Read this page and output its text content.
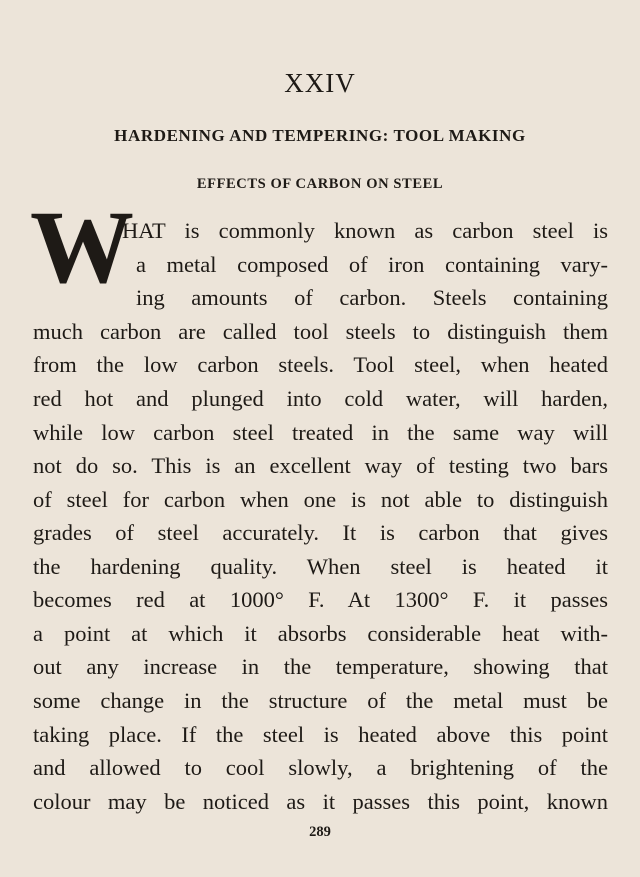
XXIV
HARDENING AND TEMPERING: TOOL MAKING
EFFECTS OF CARBON ON STEEL
W
HAT is commonly known as carbon steel is
a metal composed of iron containing vary-
ing amounts of carbon. Steels containing
much carbon are called tool steels to distinguish them
from the low carbon steels. Tool steel, when heated
red hot and plunged into cold water, will harden,
while low carbon steel treated in the same way will
not do so. This is an excellent way of testing two bars
of steel for carbon when one is not able to distinguish
grades of steel accurately. It is carbon that gives
the hardening quality. When steel is heated it
becomes red at 1000° F. At 1300° F. it passes
a point at which it absorbs considerable heat with-
out any increase in the temperature, showing that
some change in the structure of the metal must be
taking place. If the steel is heated above this point
and allowed to cool slowly, a brightening of the
colour may be noticed as it passes this point, known
289
